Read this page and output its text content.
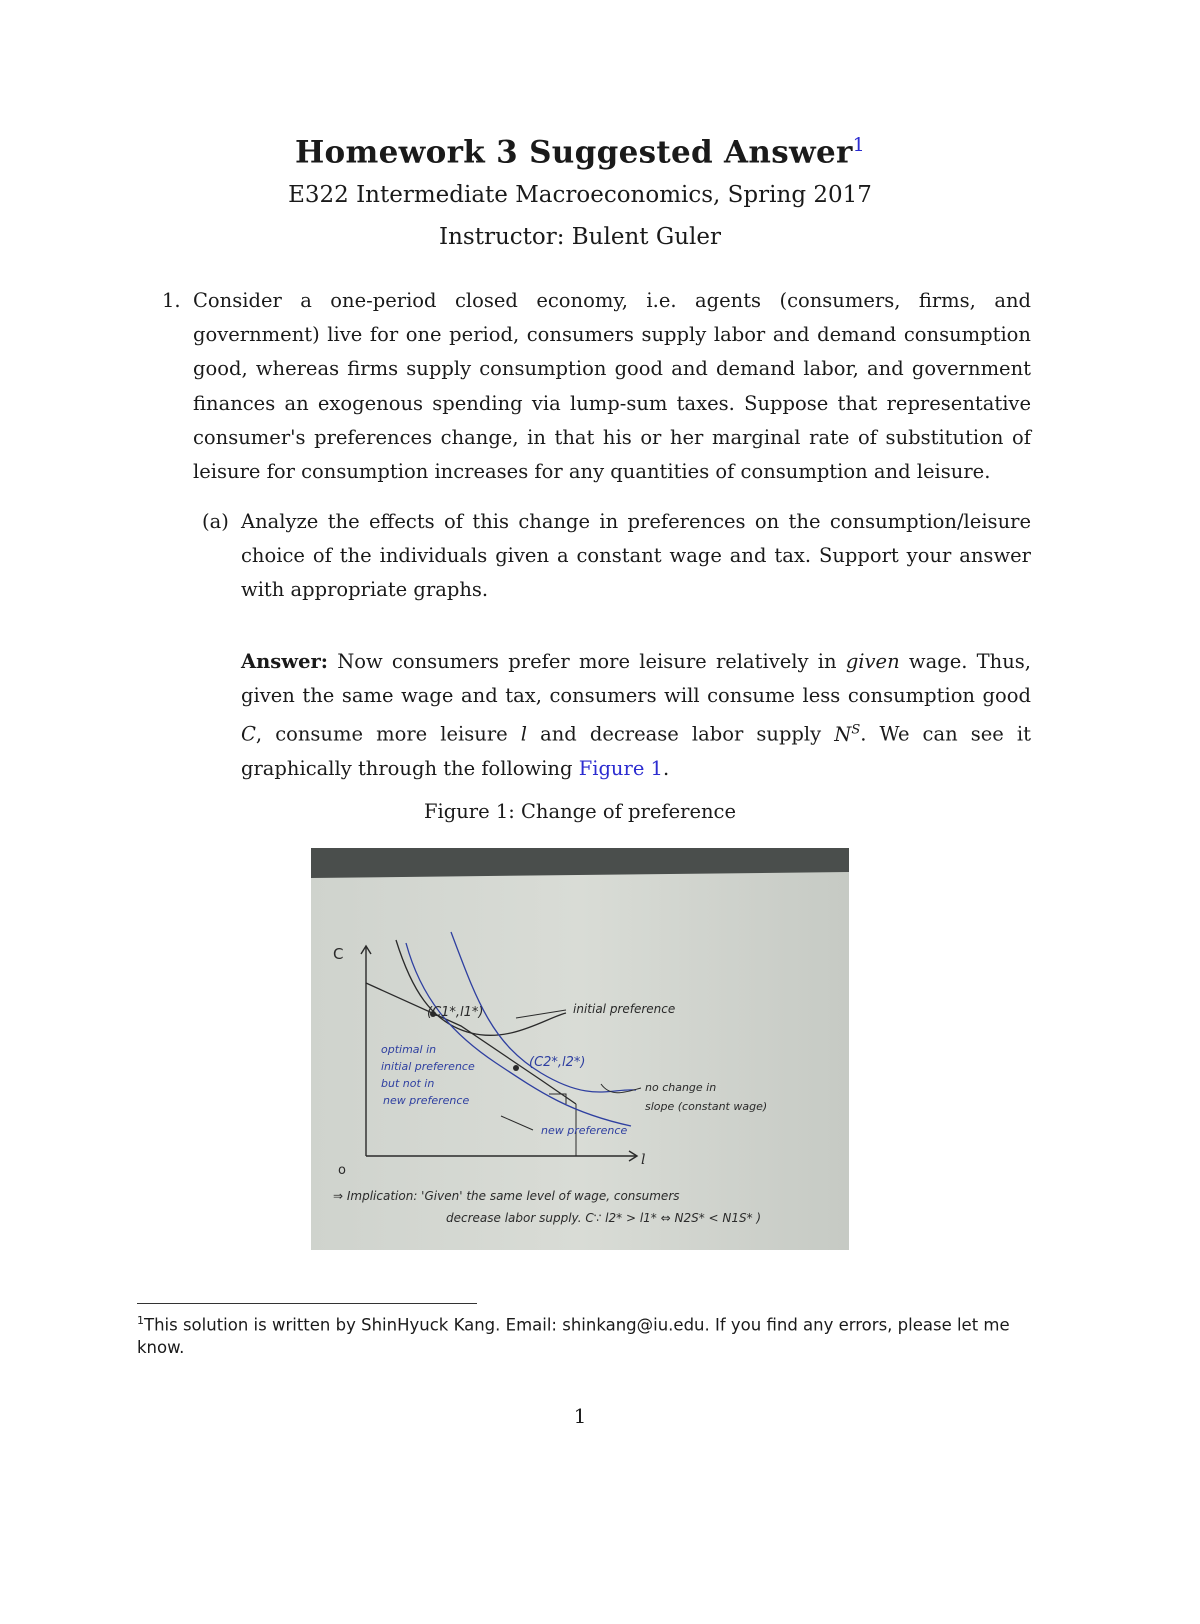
Homework 3 Suggested Answer$^1$
E322 Intermediate Macroeconomics, Spring 2017
Instructor: Bulent Guler
1. Consider a one-period closed economy, i.e. agents (consumers, firms, and government) live for one period, consumers supply labor and demand consumption good, whereas firms supply consumption good and demand labor, and government finances an exogenous spending via lump-sum taxes. Suppose that representative consumer's preferences change, in that his or her marginal rate of substitution of leisure for consumption increases for any quantities of consumption and leisure.
(a) Analyze the effects of this change in preferences on the consumption/leisure choice of the individuals given a constant wage and tax. Support your answer with appropriate graphs.
Answer: Now consumers prefer more leisure relatively in given wage. Thus, given the same wage and tax, consumers will consume less consumption good C, consume more leisure l and decrease labor supply $N^S$. We can see it graphically through the following Figure 1.
Figure 1: Change of preference
C
l
o
(C1*,l1*)
(C2*,l2*)
initial preference
optimal in
initial preference
but not in
new preference
no change in
slope (constant wage)
new preference
⇒ Implication: 'Given' the same level of wage, consumers
decrease labor supply. C∵ l2* > l1* ⇔ N2S* < N1S* )
$^1$This solution is written by ShinHyuck Kang. Email: shinkang@iu.edu. If you find any errors, please let me know.
1
